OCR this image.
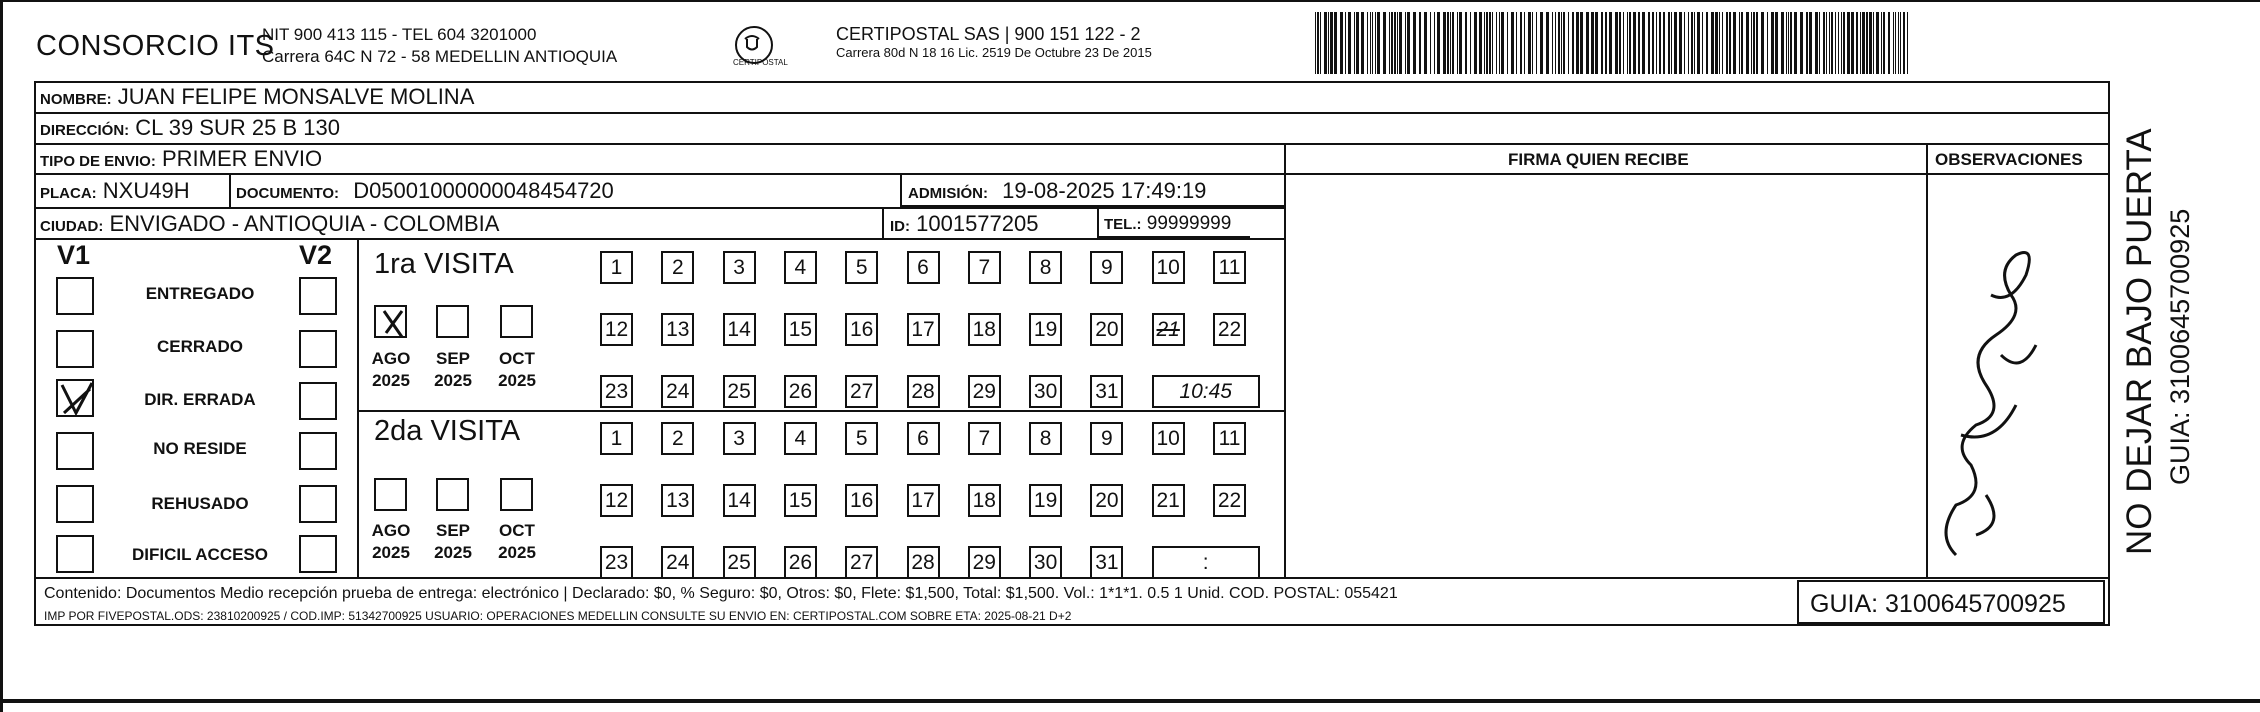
CONSORCIO ITS
NIT 900 413 115 - TEL 604 3201000
Carrera 64C N 72 - 58 MEDELLIN ANTIOQUIA	CERTIPOSTAL
CERTIPOSTAL SAS | 900 151 122 - 2
Carrera 80d N 18 16 Lic. 2519 De Octubre 23 De 2015
NOMBRE: JUAN FELIPE MONSALVE MOLINA
DIRECCIÓN: CL 39 SUR 25 B 130
TIPO DE ENVIO: PRIMER ENVIO	FIRMA QUIEN RECIBE	OBSERVACIONES
PLACA: NXU49H	DOCUMENTO: D05001000000048454720	ADMISIÓN: 19-08-2025 17:49:19
CIUDAD: ENVIGADO - ANTIOQUIA - COLOMBIA	ID: 1001577205	TEL.: 99999999
V1	V2
ENTREGADO
CERRADO
DIR. ERRADA
NO RESIDE
REHUSADO
DIFICIL ACCESO
1ra VISITA
AGO
2025
SEP
2025
OCT
2025
1	2	3	4	5	6	7	8	9	10 11
12 13 14 15 16 17 18 19 20 21 22
23 24 25 26 27 28 29 30 31	10:45
2da VISITA
AGO
2025
SEP
2025
OCT
2025
1	2	3	4	5	6	7	8	9	10 11
12 13 14 15 16 17 18 19 20 21 22
23 24 25 26 27 28 29 30 31	:
Contenido: Documentos Medio recepción prueba de entrega: electrónico | Declarado: $0, % Seguro: $0, Otros: $0, Flete: $1,500, Total: $1,500. Vol.: 1*1*1. 0.5 1 Unid. COD. POSTAL: 055421
IMP POR FIVEPOSTAL.ODS: 23810200925 / COD.IMP: 51342700925 USUARIO: OPERACIONES MEDELLIN CONSULTE SU ENVIO EN: CERTIPOSTAL.COM SOBRE ETA: 2025-08-21 D+2	GUIA: 3100645700925
NO DEJAR BAJO PUERTA GUIA: 3100645700925
